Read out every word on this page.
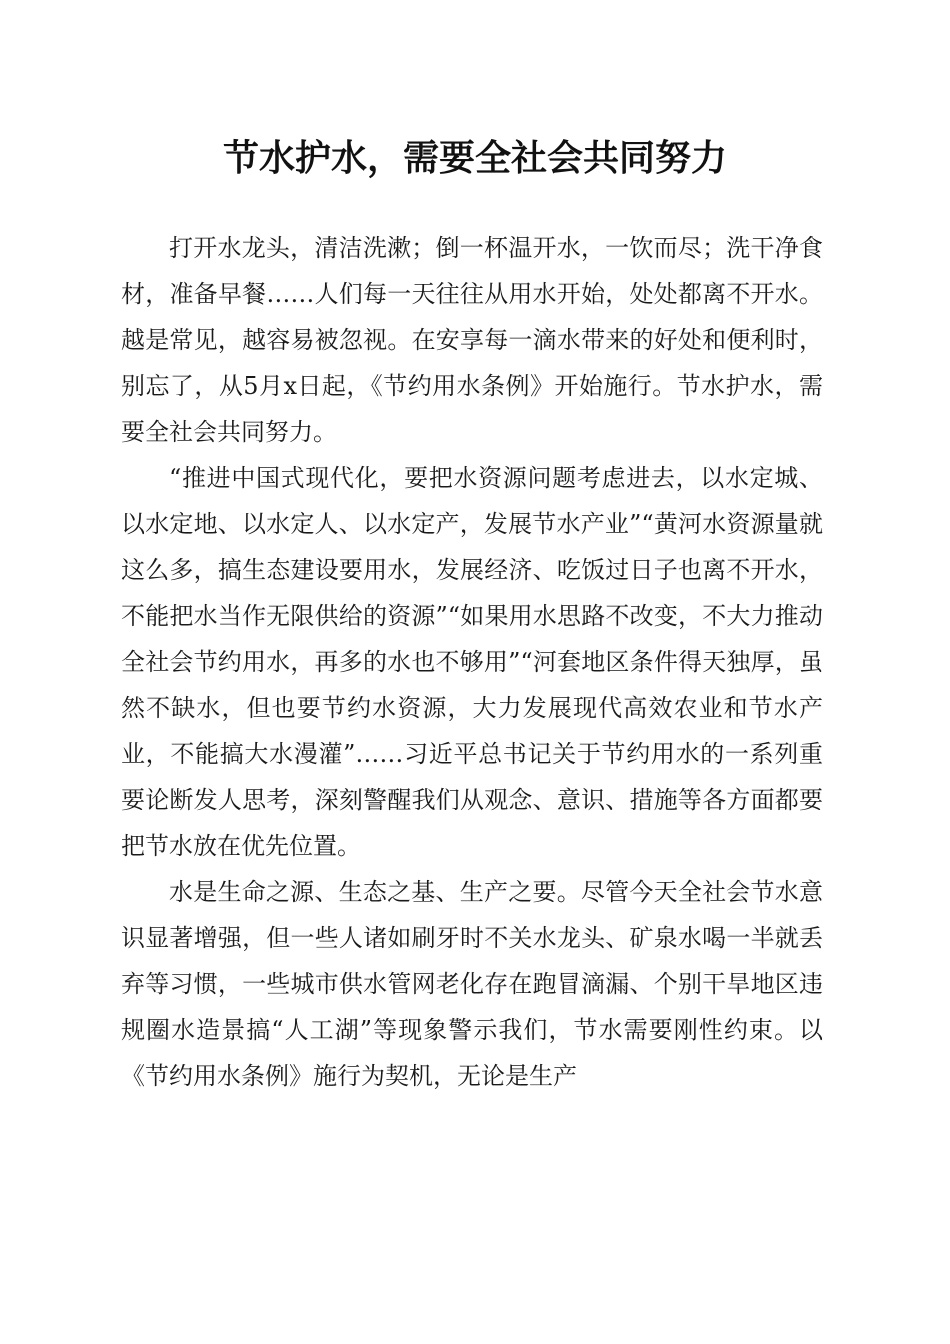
节水护水，需要全社会共同努力

打开水龙头，清洁洗漱；倒一杯温开水，一饮而尽；洗干净食材，准备早餐……人们每一天往往从用水开始，处处都离不开水。越是常见，越容易被忽视。在安享每一滴水带来的好处和便利时，别忘了，从5月x日起，《节约用水条例》开始施行。节水护水，需要全社会共同努力。

“推进中国式现代化，要把水资源问题考虑进去，以水定城、以水定地、以水定人、以水定产，发展节水产业”“黄河水资源量就这么多，搞生态建设要用水，发展经济、吃饭过日子也离不开水，不能把水当作无限供给的资源”“如果用水思路不改变，不大力推动全社会节约用水，再多的水也不够用”“河套地区条件得天独厚，虽然不缺水，但也要节约水资源，大力发展现代高效农业和节水产业，不能搞大水漫灌”……习近平总书记关于节约用水的一系列重要论断发人思考，深刻警醒我们从观念、意识、措施等各方面都要把节水放在优先位置。

水是生命之源、生态之基、生产之要。尽管今天全社会节水意识显著增强，但一些人诸如刷牙时不关水龙头、矿泉水喝一半就丢弃等习惯，一些城市供水管网老化存在跑冒滴漏、个别干旱地区违规圈水造景搞“人工湖”等现象警示我们，节水需要刚性约束。以《节约用水条例》施行为契机，无论是生产
